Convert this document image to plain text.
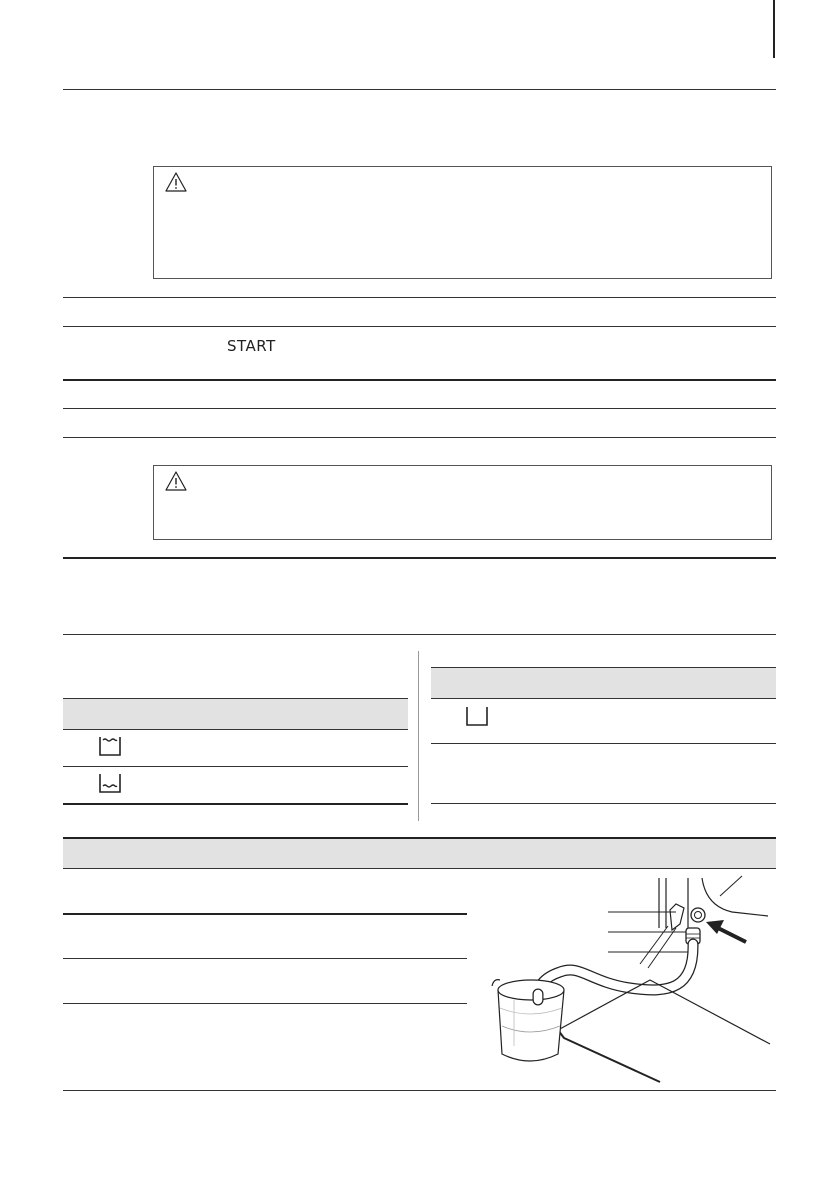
START
